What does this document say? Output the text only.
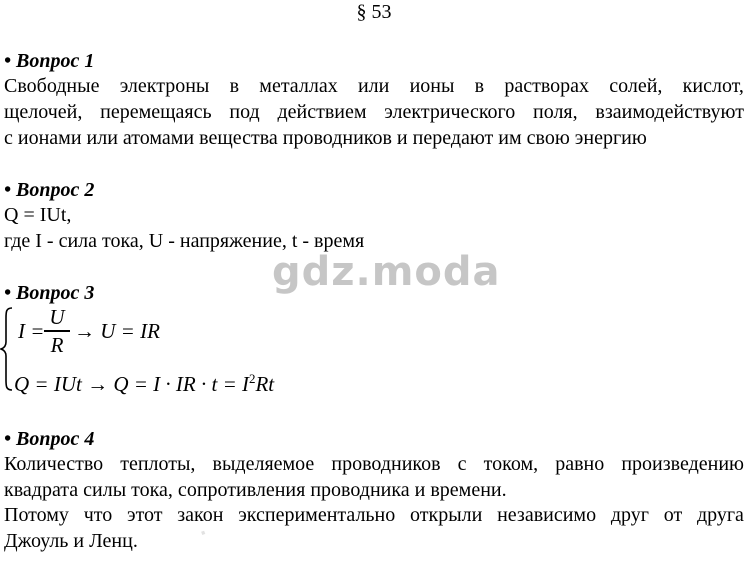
§ 53
• Вопрос 1
Свободные электроны в металлах или ионы в растворах солей, кислот,
щелочей, перемещаясь под действием электрического поля, взаимодействуют
с ионами или атомами вещества проводников и передают им свою энергию
• Вопрос 2
Q = IUt,
где I - сила тока, U - напряжение, t - время
• Вопрос 3
I =
U
R
→ U = IR
Q = IUt → Q = I · IR · $t = I^2Rt$
• Вопрос 4
Количество теплоты, выделяемое проводников с током, равно произведению
квадрата силы тока, сопротивления проводника и времени.
Потому что этот закон экспериментально открыли независимо друг от друга
Джоуль и Ленц.
gdz.moda
·
